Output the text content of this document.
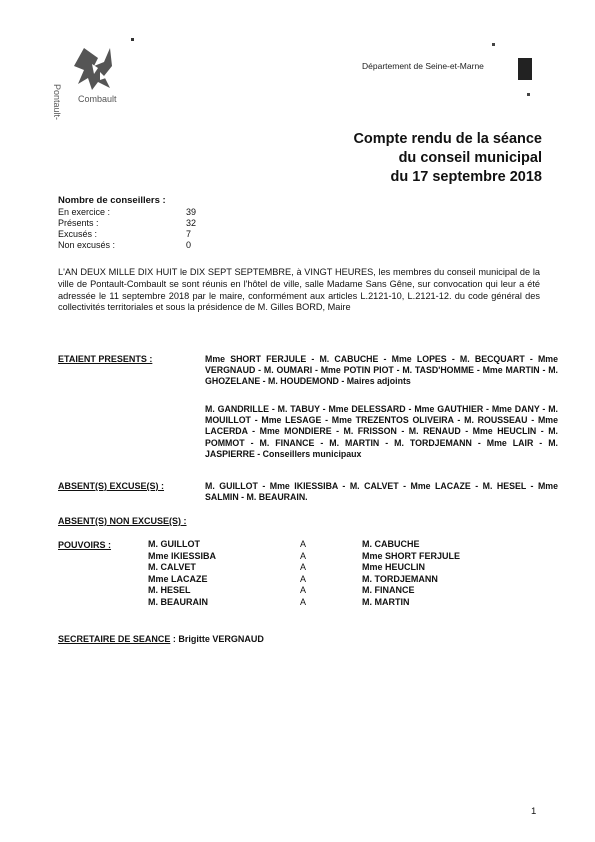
Pontault- Combault
Département de Seine-et-Marne
Compte rendu de la séance
du conseil municipal
du 17 septembre 2018
Nombre de conseillers :
En exercice :	39
Présents :	32
Excusés :	7
Non excusés :	0
L'AN DEUX MILLE DIX HUIT le DIX SEPT SEPTEMBRE, à VINGT HEURES, les membres du conseil municipal de la ville de Pontault-Combault se sont réunis en l'hôtel de ville, salle Madame Sans Gêne, sur convocation qui leur a été adressée le 11 septembre 2018 par le maire, conformément aux articles L.2121-10, L.2121-12. du code général des collectivités territoriales et sous la présidence de M. Gilles BORD, Maire
ETAIENT PRESENTS :	Mme SHORT FERJULE - M. CABUCHE - Mme LOPES - M. BECQUART - Mme VERGNAUD - M. OUMARI - Mme POTIN PIOT - M. TASD'HOMME - Mme MARTIN - M. GHOZELANE - M. HOUDEMOND - Maires adjoints
M. GANDRILLE - M. TABUY - Mme DELESSARD - Mme GAUTHIER - Mme DANY - M. MOUILLOT - Mme LESAGE - Mme TREZENTOS OLIVEIRA - M. ROUSSEAU - Mme LACERDA - Mme MONDIERE - M. FRISSON - M. RENAUD - Mme HEUCLIN - M. POMMOT - M. FINANCE - M. MARTIN - M. TORDJEMANN - Mme LAIR - M. JASPIERRE - Conseillers municipaux
ABSENT(S) EXCUSE(S) :	M. GUILLOT - Mme IKIESSIBA - M. CALVET - Mme LACAZE - M. HESEL - Mme SALMIN - M. BEAURAIN.
ABSENT(S) NON EXCUSE(S) :
POUVOIRS :	M. GUILLOT	A	M. CABUCHE
Mme IKIESSIBA	A	Mme SHORT FERJULE
M. CALVET	A	Mme HEUCLIN
Mme LACAZE	A	M. TORDJEMANN
M. HESEL	A	M. FINANCE
M. BEAURAIN	A	M. MARTIN
SECRETAIRE DE SEANCE : Brigitte VERGNAUD
1
